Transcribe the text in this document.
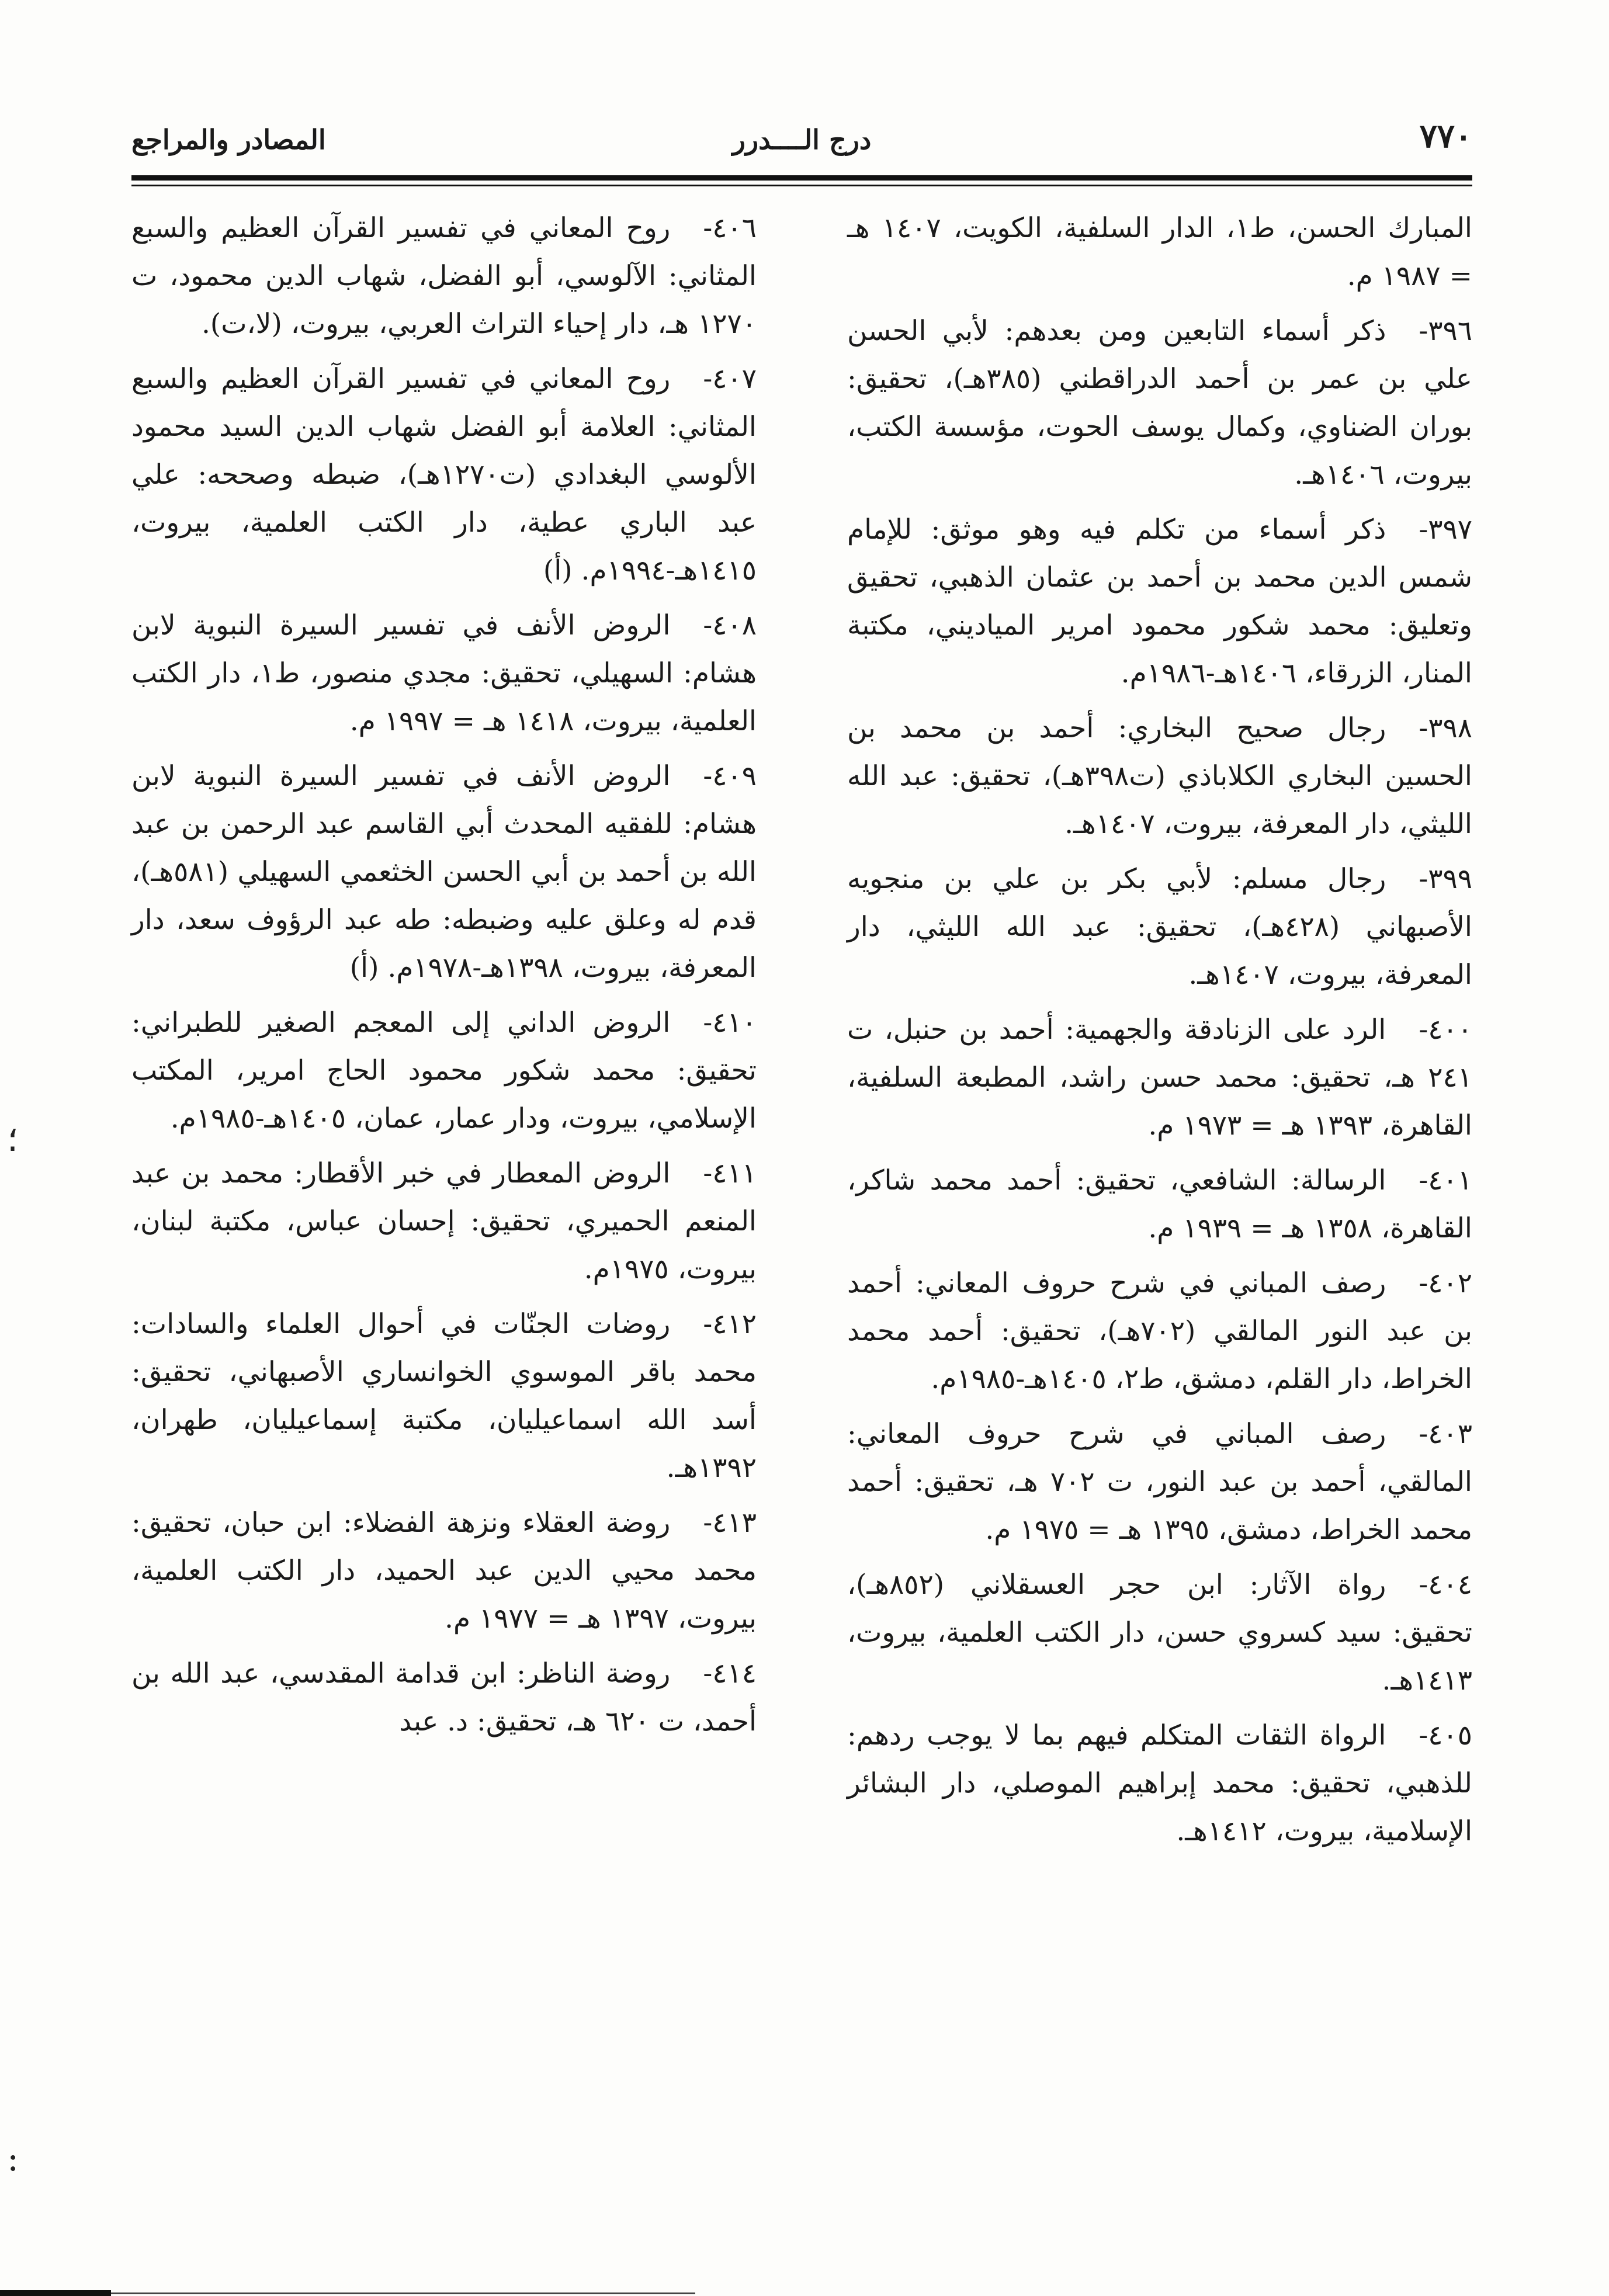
٧٧٠
درج الــــدرر
المصادر والمراجع

المبارك الحسن، ط١، الدار السلفية، الكويت، ١٤٠٧ هـ = ١٩٨٧ م.

٣٩٦-ذكر أسماء التابعين ومن بعدهم: لأبي الحسن علي بن عمر بن أحمد الدراقطني (٣٨٥هـ)، تحقيق: بوران الضناوي، وكمال يوسف الحوت، مؤسسة الكتب، بيروت، ١٤٠٦هـ.

٣٩٧-ذكر أسماء من تكلم فيه وهو موثق: للإمام شمس الدين محمد بن أحمد بن عثمان الذهبي، تحقيق وتعليق: محمد شكور محمود امرير المياديني، مكتبة المنار، الزرقاء، ١٤٠٦هـ-١٩٨٦م.

٣٩٨-رجال صحيح البخاري: أحمد بن محمد بن الحسين البخاري الكلاباذي (ت٣٩٨هـ)، تحقيق: عبد الله الليثي، دار المعرفة، بيروت، ١٤٠٧هـ.

٣٩٩-رجال مسلم: لأبي بكر بن علي بن منجويه الأصبهاني (٤٢٨هـ)، تحقيق: عبد الله الليثي، دار المعرفة، بيروت، ١٤٠٧هـ.

٤٠٠-الرد على الزنادقة والجهمية: أحمد بن حنبل، ت ٢٤١ هـ، تحقيق: محمد حسن راشد، المطبعة السلفية، القاهرة، ١٣٩٣ هـ = ١٩٧٣ م.

٤٠١-الرسالة: الشافعي، تحقيق: أحمد محمد شاكر، القاهرة، ١٣٥٨ هـ = ١٩٣٩ م.

٤٠٢-رصف المباني في شرح حروف المعاني: أحمد بن عبد النور المالقي (٧٠٢هـ)، تحقيق: أحمد محمد الخراط، دار القلم، دمشق، ط٢، ١٤٠٥هـ-١٩٨٥م.

٤٠٣-رصف المباني في شرح حروف المعاني: المالقي، أحمد بن عبد النور، ت ٧٠٢ هـ، تحقيق: أحمد محمد الخراط، دمشق، ١٣٩٥ هـ = ١٩٧٥ م.

٤٠٤-رواة الآثار: ابن حجر العسقلاني (٨٥٢هـ)، تحقيق: سيد كسروي حسن، دار الكتب العلمية، بيروت، ١٤١٣هـ.

٤٠٥-الرواة الثقات المتكلم فيهم بما لا يوجب ردهم: للذهبي، تحقيق: محمد إبراهيم الموصلي، دار البشائر الإسلامية، بيروت، ١٤١٢هـ.

٤٠٦-روح المعاني في تفسير القرآن العظيم والسبع المثاني: الآلوسي، أبو الفضل، شهاب الدين محمود، ت ١٢٧٠ هـ، دار إحياء التراث العربي، بيروت، (لا،ت).

٤٠٧-روح المعاني في تفسير القرآن العظيم والسبع المثاني: العلامة أبو الفضل شهاب الدين السيد محمود الألوسي البغدادي (ت١٢٧٠هـ)، ضبطه وصححه: علي عبد الباري عطية، دار الكتب العلمية، بيروت، ١٤١٥هـ-١٩٩٤م. (أ)

٤٠٨-الروض الأنف في تفسير السيرة النبوية لابن هشام: السهيلي، تحقيق: مجدي منصور، ط١، دار الكتب العلمية، بيروت، ١٤١٨ هـ = ١٩٩٧ م.

٤٠٩-الروض الأنف في تفسير السيرة النبوية لابن هشام: للفقيه المحدث أبي القاسم عبد الرحمن بن عبد الله بن أحمد بن أبي الحسن الخثعمي السهيلي (٥٨١هـ)، قدم له وعلق عليه وضبطه: طه عبد الرؤوف سعد، دار المعرفة، بيروت، ١٣٩٨هـ-١٩٧٨م. (أ)

٤١٠-الروض الداني إلى المعجم الصغير للطبراني: تحقيق: محمد شكور محمود الحاج امرير، المكتب الإسلامي، بيروت، ودار عمار، عمان، ١٤٠٥هـ-١٩٨٥م.

٤١١-الروض المعطار في خبر الأقطار: محمد بن عبد المنعم الحميري، تحقيق: إحسان عباس، مكتبة لبنان، بيروت، ١٩٧٥م.

٤١٢-روضات الجنّات في أحوال العلماء والسادات: محمد باقر الموسوي الخوانساري الأصبهاني، تحقيق: أسد الله اسماعيليان، مكتبة إسماعيليان، طهران، ١٣٩٢هـ.

٤١٣-روضة العقلاء ونزهة الفضلاء: ابن حبان، تحقيق: محمد محيي الدين عبد الحميد، دار الكتب العلمية، بيروت، ١٣٩٧ هـ = ١٩٧٧ م.

٤١٤-روضة الناظر: ابن قدامة المقدسي، عبد الله بن أحمد، ت ٦٢٠ هـ، تحقيق: د. عبد

؛
:
